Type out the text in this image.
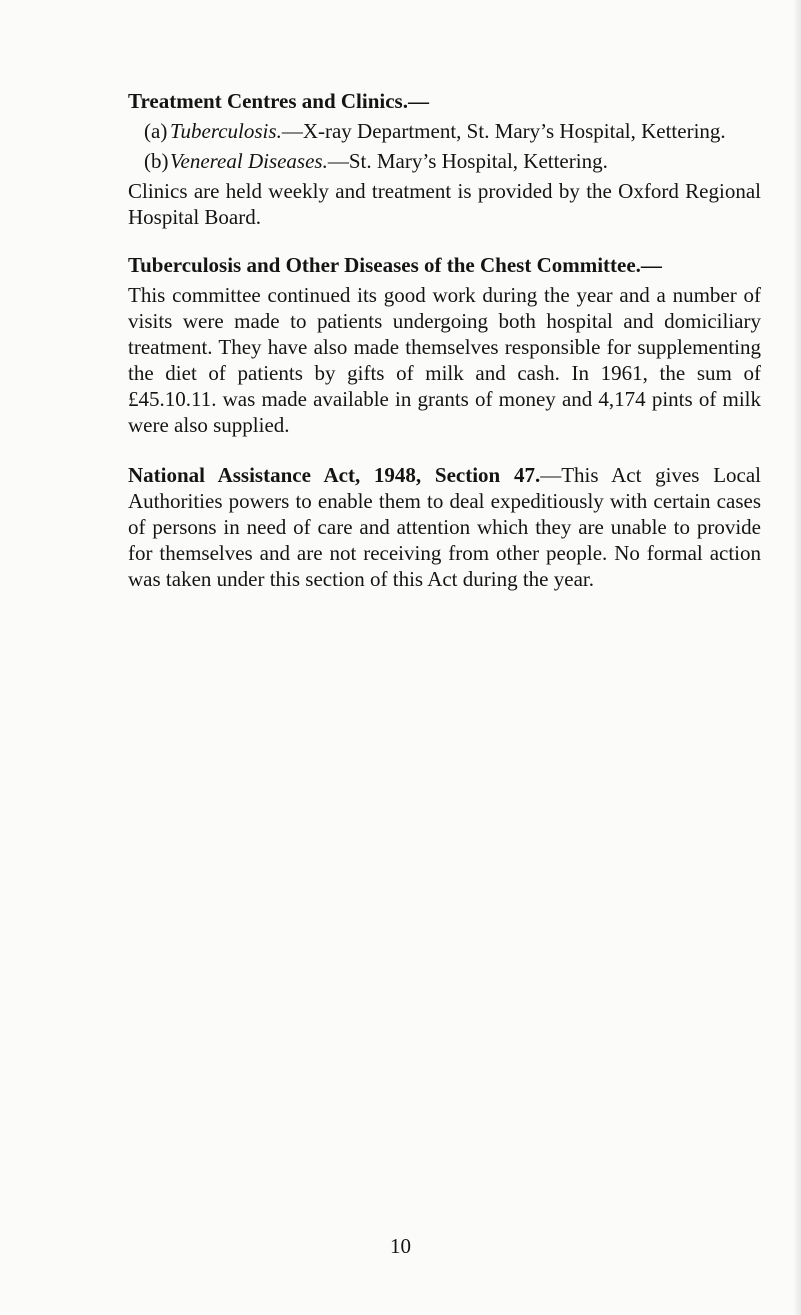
Treatment Centres and Clinics.—

(a) Tuberculosis.—X-ray Department, St. Mary’s Hospital, Kettering.

(b)Venereal Diseases.—St. Mary’s Hospital, Kettering.

Clinics are held weekly and treatment is provided by the Oxford Regional Hospital Board.

Tuberculosis and Other Diseases of the Chest Committee.—

This committee continued its good work during the year and a number of visits were made to patients undergoing both hospital and domiciliary treatment. They have also made themselves responsible for supplementing the diet of patients by gifts of milk and cash. In 1961, the sum of £45.10.11. was made available in grants of money and 4,174 pints of milk were also supplied.

National Assistance Act, 1948, Section 47.—This Act gives Local Authorities powers to enable them to deal expeditiously with certain cases of persons in need of care and attention which they are unable to provide for themselves and are not receiving from other people. No formal action was taken under this section of this Act during the year.

10
